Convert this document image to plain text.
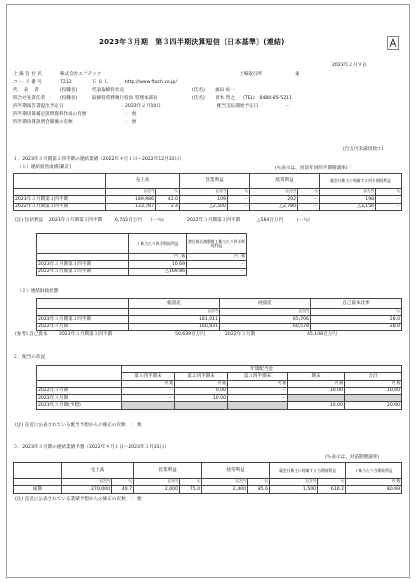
2023年３月期　第３四半期決算短信〔日本基準〕(連結)
2023年２月９日
上 場 会 社 名	株式会社エフテック	上場取引所	東
コ ー ド 番 号	7212	Ｕ Ｒ Ｌ	http://www.ftech.co.jp/
代　 表 　者	(役職名)	代表取締役社長	(氏名) 福田 祐一
問合せ先責任者	(役職名)	取締役常務執行役員 管理本部長	(氏名) 青木 啓之 (TEL)　0480-85-5211
四半期報告書提出予定日	2023年２月10日	配当支払開始予定日	－
四半期決算補足説明資料作成の有無	：　無
四半期決算説明会開催の有無	：　無
(百万円未満切捨て)
１．2023年３月期第３四半期の連結業績（2022年４月１日～2022年12月31日）
（１）連結経営成績(累計)	(％表示は、対前年同四半期増減率)
	売上高		営業利益		経常利益		親会社株主に帰属する四半期純利益	
	百万円	％	百万円	％	百万円	％	百万円	％
2023年３月期第３四半期	189,986	42.0	109	－	292	－	198	－
2022年３月期第３四半期	133,787	2.4	△2,500	－	△2,780	－	△3,156	－
(注) 包括利益 2023年３月期第３四半期	6,742百万円 (－％)	2022年３月期第３四半期	△584百万円	(－％)
	１株当たり四半期純利益	潜在株式調整後１株当たり四半期純利益
	円　銭	円　銭
2023年３月期第３四半期	10.69	－
2022年３月期第３四半期	△169.86	－
（２）連結財政状態
	総資産	純資産	自己資本比率
	百万円	百万円	％
2023年３月期第３四半期	181,011	65,706	28.0
2022年３月期	160,931	60,578	28.0
(参考) 自己資本 2023年３月期第３四半期	50,639百万円	2022年３月期	45,108百万円
２．配当の状況
	年間配当金				
	第１四半期末	第２四半期末	第３四半期末	期末	合計
	円 銭	円 銭	円 銭	円 銭	円 銭
2022年３月期	－	0.00	－	10.00	10.00
2023年３月期	－	10.00	－		
2023年３月期(予想)				10.00	20.00
(注) 直近に公表されている配当予想からの修正の有無　：　無
３．2023年３月期の連結業績予想（2022年４月１日～2023年３月31日）
(％表示は、対前期増減率)
	売上高		営業利益		経常利益		親会社株主に帰属する当期純利益		１株当たり当期純利益
	百万円	％	百万円	％	百万円	％	百万円	％	円 銭
通期	270,000	40.7	2,000	75.0	2,400	85.6	1,500	616.2	80.69
(注) 直近に公表されている業績予想からの修正の有無　：　無
